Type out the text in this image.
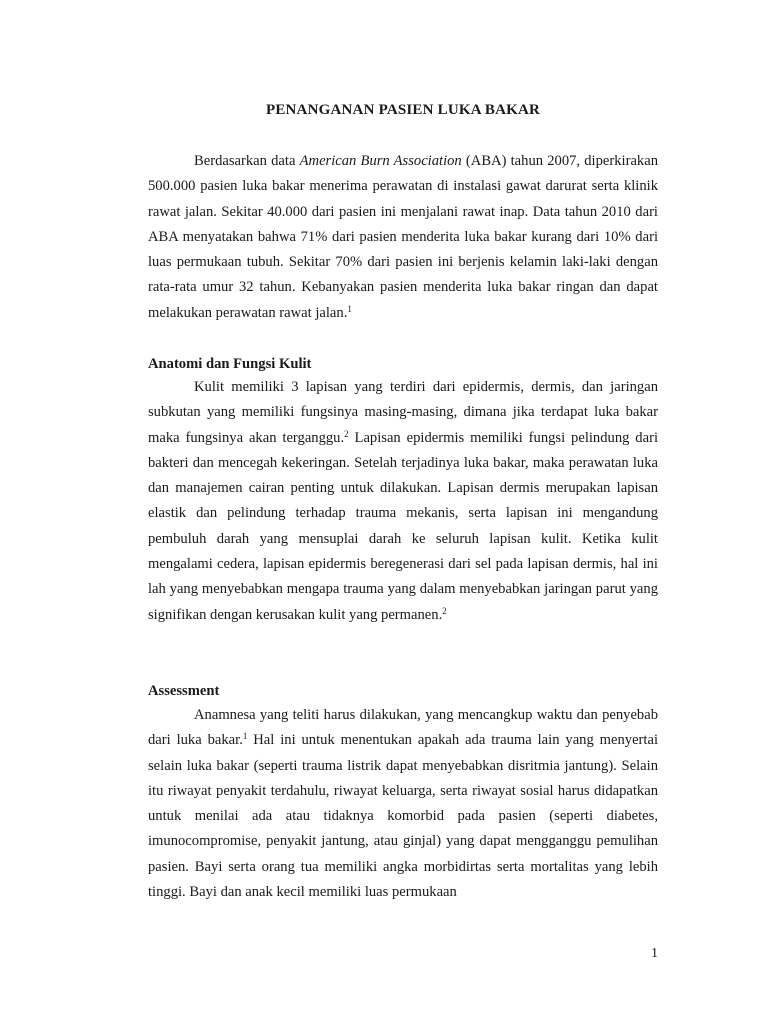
PENANGANAN PASIEN LUKA BAKAR

Berdasarkan data American Burn Association (ABA) tahun 2007, diperkirakan 500.000 pasien luka bakar menerima perawatan di instalasi gawat darurat serta klinik rawat jalan. Sekitar 40.000 dari pasien ini menjalani rawat inap. Data tahun 2010 dari ABA menyatakan bahwa 71% dari pasien menderita luka bakar kurang dari 10% dari luas permukaan tubuh. Sekitar 70% dari pasien ini berjenis kelamin laki-laki dengan rata-rata umur 32 tahun. Kebanyakan pasien menderita luka bakar ringan dan dapat melakukan perawatan rawat jalan.$^1$

Anatomi dan Fungsi Kulit

Kulit memiliki 3 lapisan yang terdiri dari epidermis, dermis, dan jaringan subkutan yang memiliki fungsinya masing-masing, dimana jika terdapat luka bakar maka fungsinya akan terganggu.$^2$ Lapisan epidermis memiliki fungsi pelindung dari bakteri dan mencegah kekeringan. Setelah terjadinya luka bakar, maka perawatan luka dan manajemen cairan penting untuk dilakukan. Lapisan dermis merupakan lapisan elastik dan pelindung terhadap trauma mekanis, serta lapisan ini mengandung pembuluh darah yang mensuplai darah ke seluruh lapisan kulit. Ketika kulit mengalami cedera, lapisan epidermis beregenerasi dari sel pada lapisan dermis, hal ini lah yang menyebabkan mengapa trauma yang dalam menyebabkan jaringan parut yang signifikan dengan kerusakan kulit yang permanen.$^2$

Assessment

Anamnesa yang teliti harus dilakukan, yang mencangkup waktu dan penyebab dari luka bakar.$^1$ Hal ini untuk menentukan apakah ada trauma lain yang menyertai selain luka bakar (seperti trauma listrik dapat menyebabkan disritmia jantung). Selain itu riwayat penyakit terdahulu, riwayat keluarga, serta riwayat sosial harus didapatkan untuk menilai ada atau tidaknya komorbid pada pasien (seperti diabetes, imunocompromise, penyakit jantung, atau ginjal) yang dapat mengganggu pemulihan pasien. Bayi serta orang tua memiliki angka morbidirtas serta mortalitas yang lebih tinggi. Bayi dan anak kecil memiliki luas permukaan

1
